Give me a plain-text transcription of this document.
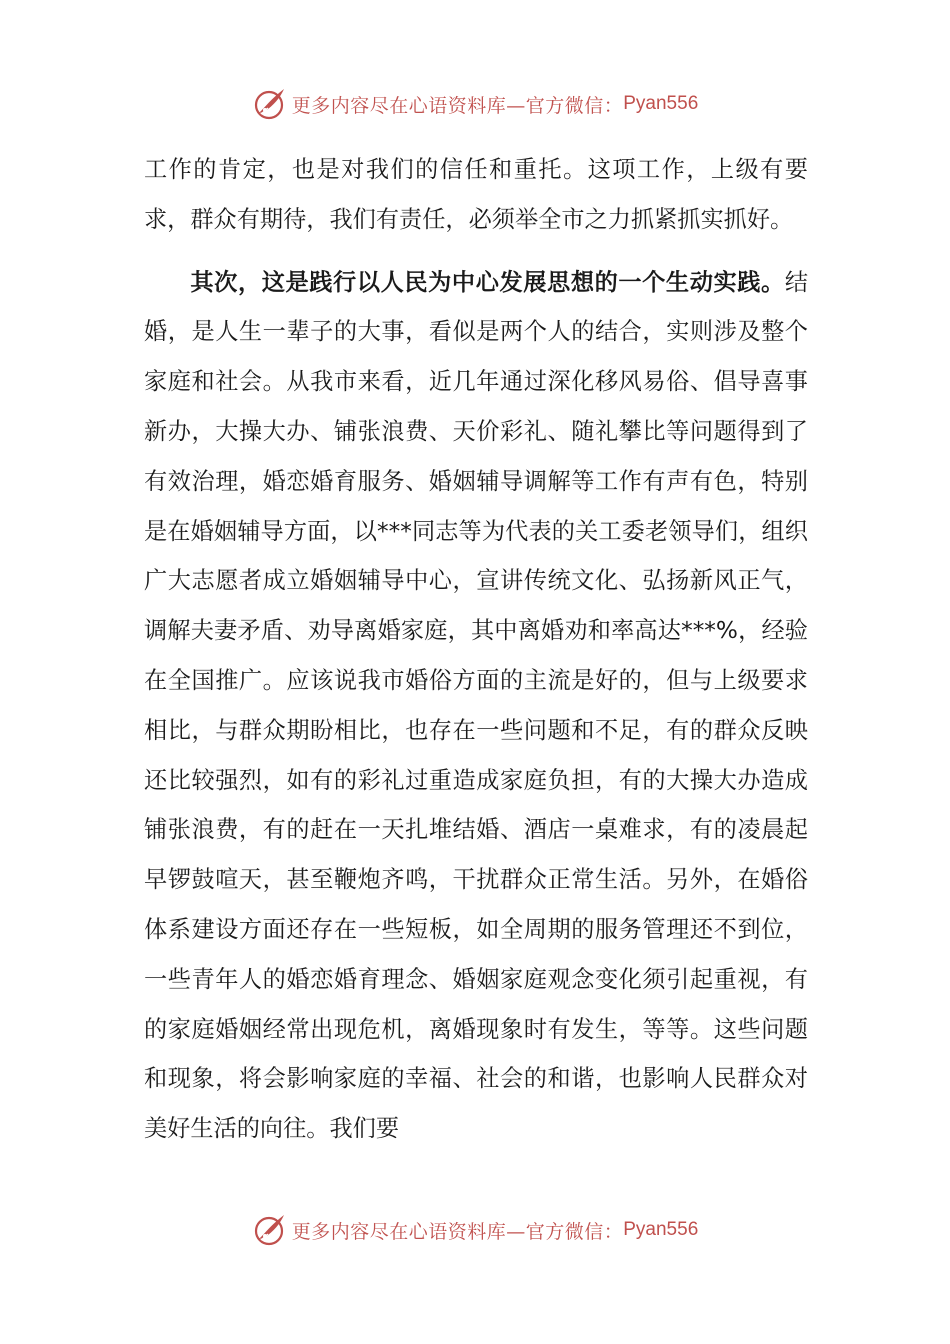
更多内容尽在心语资料库—官方微信： Pyan556

工作的肯定，也是对我们的信任和重托。这项工作，上级有要求，群众有期待，我们有责任，必须举全市之力抓紧抓实抓好。

其次，这是践行以人民为中心发展思想的一个生动实践。结婚，是人生一辈子的大事，看似是两个人的结合，实则涉及整个家庭和社会。从我市来看，近几年通过深化移风易俗、倡导喜事新办，大操大办、铺张浪费、天价彩礼、随礼攀比等问题得到了有效治理，婚恋婚育服务、婚姻辅导调解等工作有声有色，特别是在婚姻辅导方面，以***同志等为代表的关工委老领导们，组织广大志愿者成立婚姻辅导中心，宣讲传统文化、弘扬新风正气，调解夫妻矛盾、劝导离婚家庭，其中离婚劝和率高达***%，经验在全国推广。应该说我市婚俗方面的主流是好的，但与上级要求相比，与群众期盼相比，也存在一些问题和不足，有的群众反映还比较强烈，如有的彩礼过重造成家庭负担，有的大操大办造成铺张浪费，有的赶在一天扎堆结婚、酒店一桌难求，有的凌晨起早锣鼓喧天，甚至鞭炮齐鸣，干扰群众正常生活。另外，在婚俗体系建设方面还存在一些短板，如全周期的服务管理还不到位，一些青年人的婚恋婚育理念、婚姻家庭观念变化须引起重视，有的家庭婚姻经常出现危机，离婚现象时有发生，等等。这些问题和现象，将会影响家庭的幸福、社会的和谐，也影响人民群众对美好生活的向往。我们要

更多内容尽在心语资料库—官方微信： Pyan556
